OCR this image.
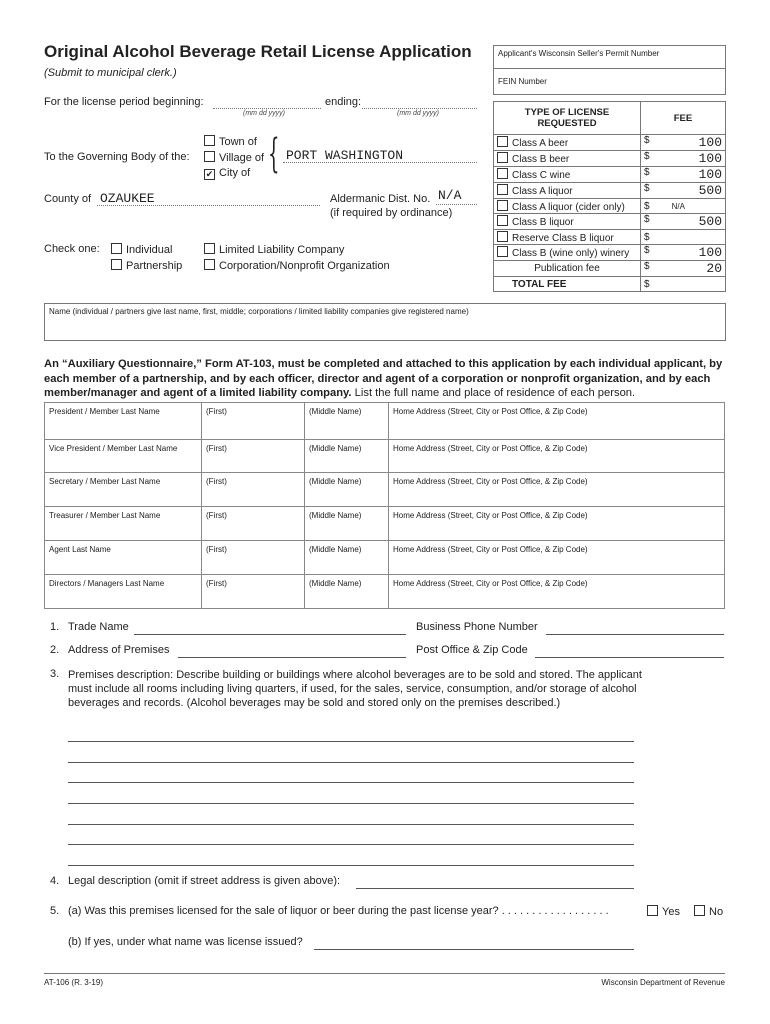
Original Alcohol Beverage Retail License Application
(Submit to municipal clerk.)
For the license period beginning:
(mm dd yyyy)
ending:
(mm dd yyyy)
To the Governing Body of the:
Town of
Village of
✔ City of { PORT WASHINGTON
County of OZAUKEE	Aldermanic Dist. No. N/A
(if required by ordinance)
Check one:	Individual
Partnership
Limited Liability Company
Corporation/Nonprofit Organization
Applicant's Wisconsin Seller's Permit Number
FEIN Number
TYPE OF LICENSE REQUESTED	FEE
Class A beer	$ 100

Class B beer	$ 100

Class C wine	$ 100

Class A liquor	$ 500

Class A liquor (cider only)	$ N/A
Class B liquor	$ 500

Reserve Class B liquor	$
Class B (wine only) winery	$ 100

Publication fee	$ 20

TOTAL FEE	$
Name (individual / partners give last name, first, middle; corporations / limited liability companies give registered name)
An “Auxiliary Questionnaire,” Form AT-103, must be completed and attached to this application by each individual applicant, by each member of a partnership, and by each officer, director and agent of a corporation or nonprofit organization, and by each member/manager and agent of a limited liability company. List the full name and place of residence of each person.
President / Member Last Name	(First)	(Middle Name)	Home Address (Street, City or Post Office, & Zip Code)
Vice President / Member Last Name	(First)	(Middle Name)	Home Address (Street, City or Post Office, & Zip Code)
Secretary / Member Last Name	(First)	(Middle Name)	Home Address (Street, City or Post Office, & Zip Code)
Treasurer / Member Last Name	(First)	(Middle Name)	Home Address (Street, City or Post Office, & Zip Code)
Agent Last Name	(First)	(Middle Name)	Home Address (Street, City or Post Office, & Zip Code)
Directors / Managers Last Name	(First)	(Middle Name)	Home Address (Street, City or Post Office, & Zip Code)
1. Trade Name	Business Phone Number
2. Address of Premises	Post Office & Zip Code
3. Premises description: Describe building or buildings where alcohol beverages are to be sold and stored. The applicant must include all rooms including living quarters, if used, for the sales, service, consumption, and/or storage of alcohol beverages and records. (Alcohol beverages may be sold and stored only on the premises described.)
4. Legal description (omit if street address is given above):
5. (a) Was this premises licensed for the sale of liquor or beer during the past license year? . . . . . . . . . . . . . . . . . .	Yes	No
(b) If yes, under what name was license issued?
AT-106 (R. 3-19)	Wisconsin Department of Revenue
